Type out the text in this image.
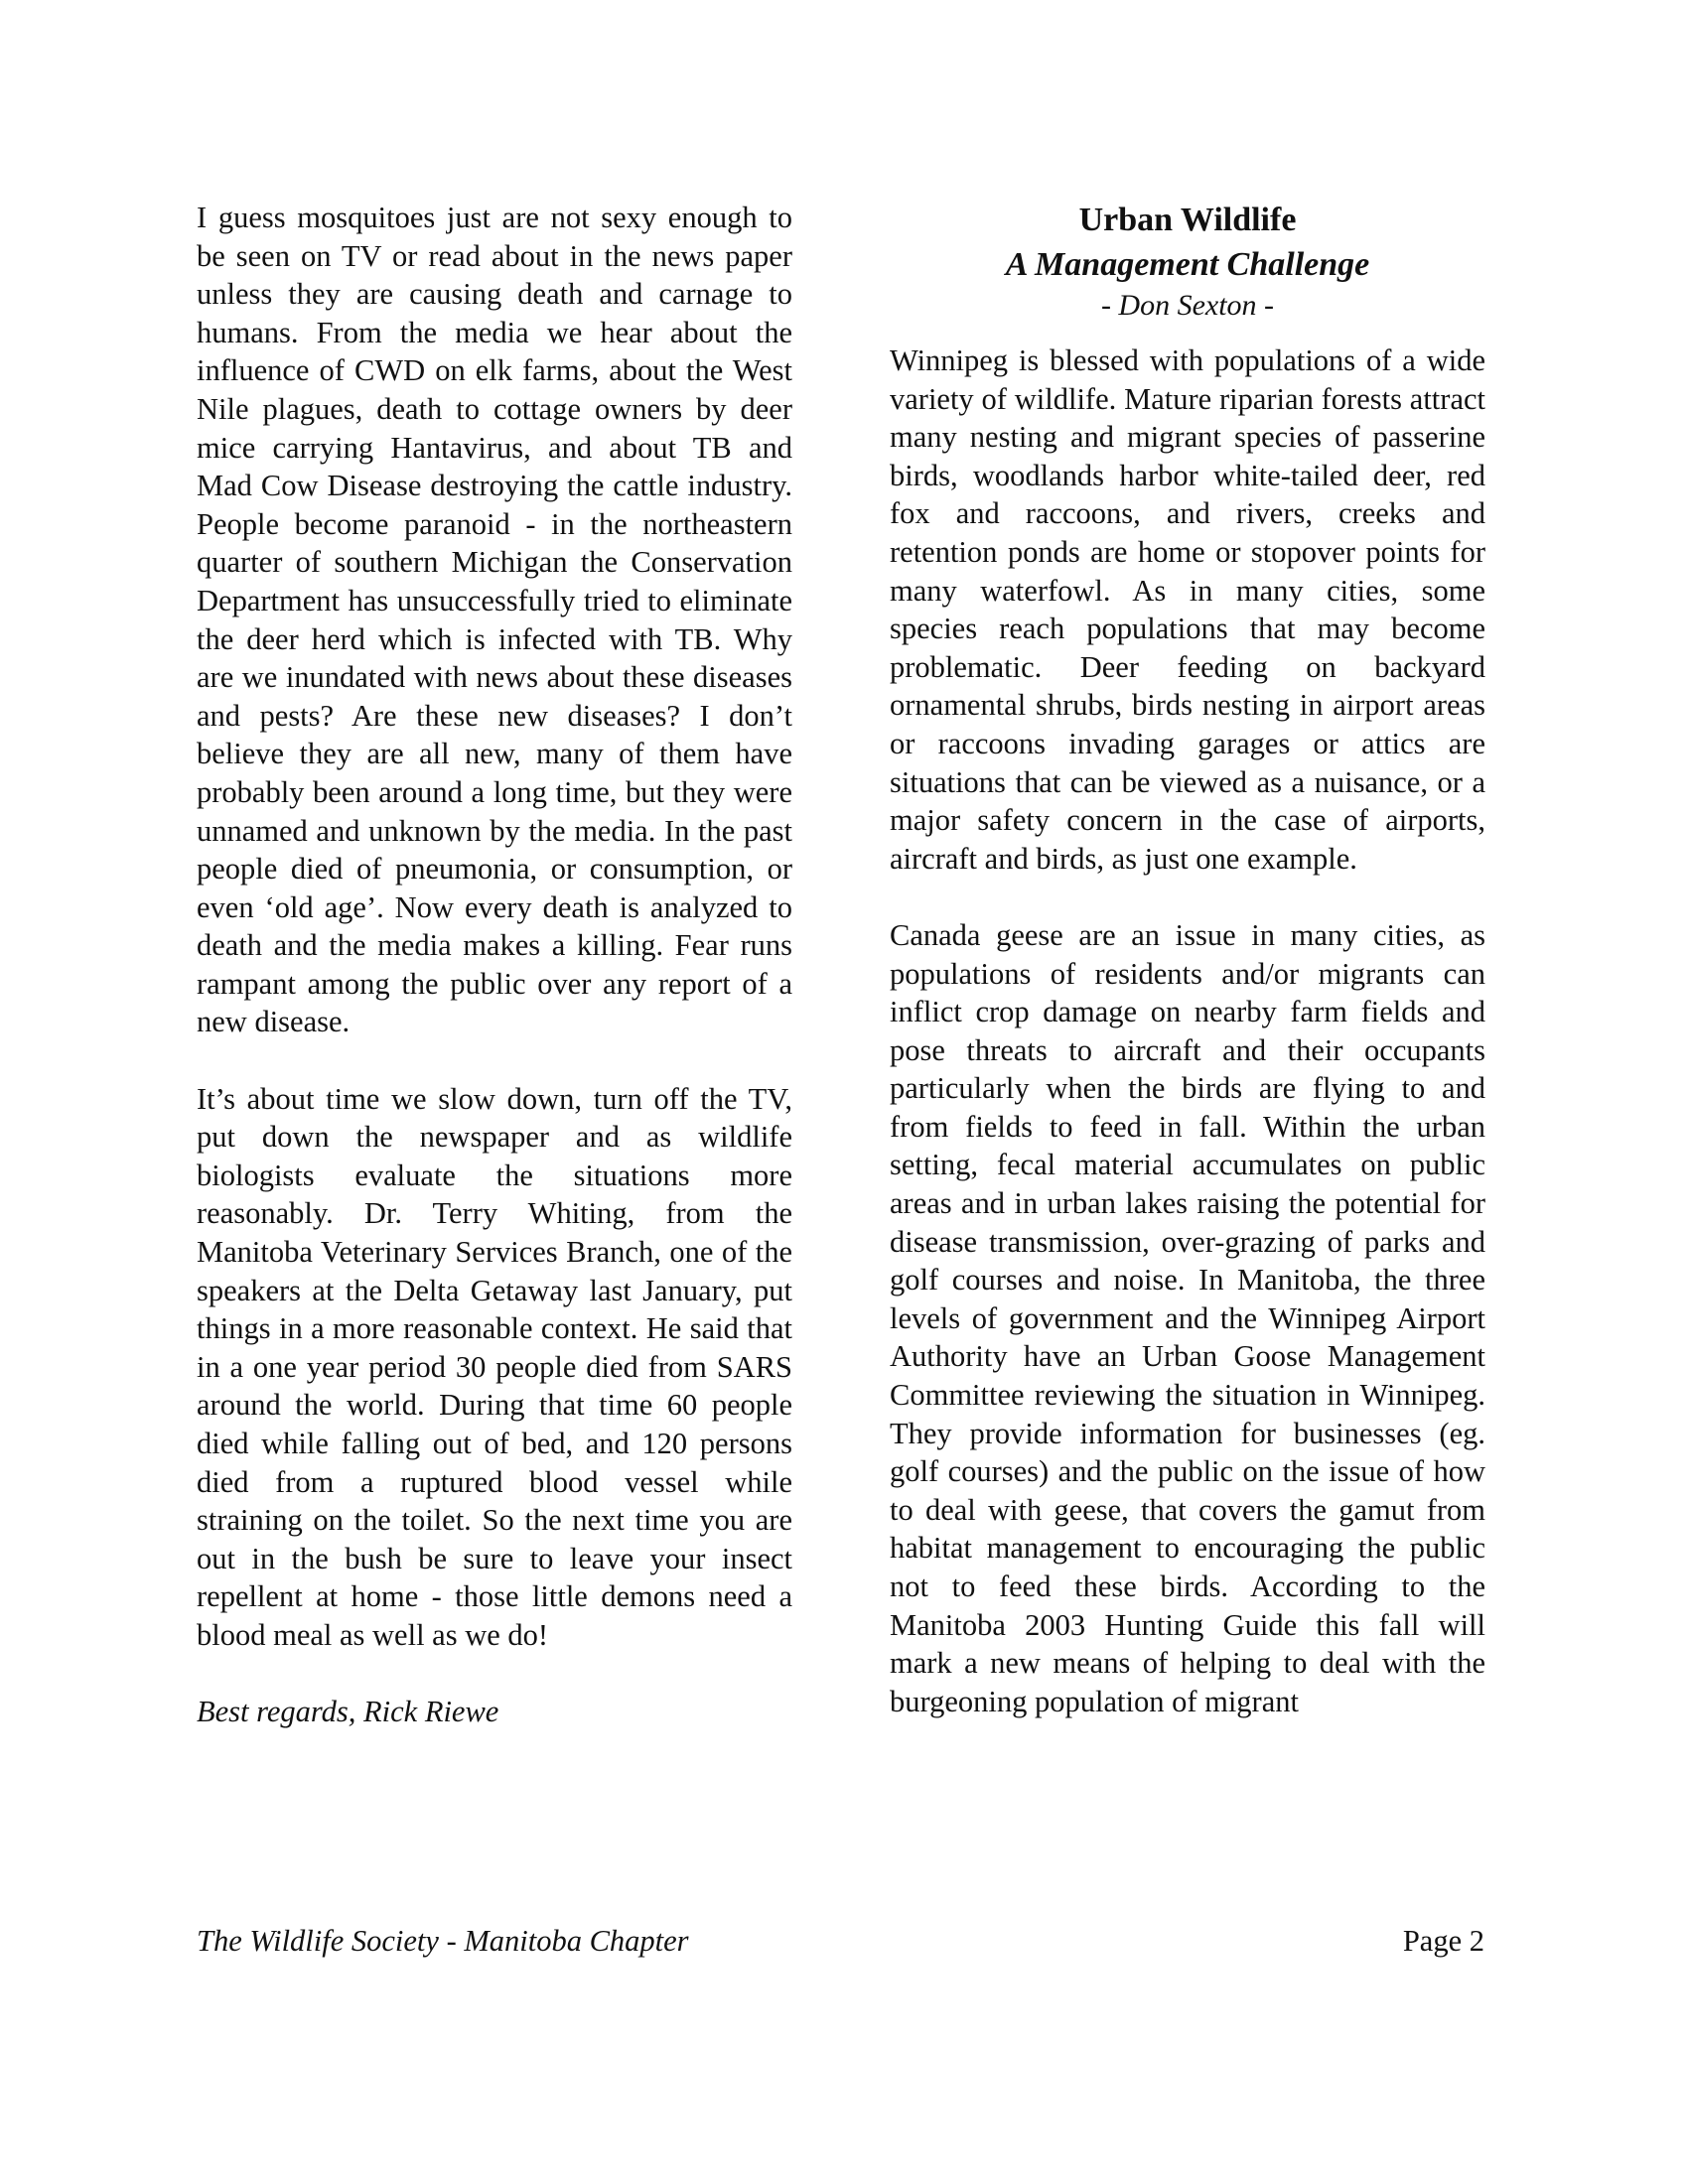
I guess mosquitoes just are not sexy enough to be seen on TV or read about in the news paper unless they are causing death and carnage to humans. From the media we hear about the influence of CWD on elk farms, about the West Nile plagues, death to cottage owners by deer mice carrying Hantavirus, and about TB and Mad Cow Disease destroying the cattle industry. People become paranoid - in the northeastern quarter of southern Michigan the Conservation Department has unsuccessfully tried to eliminate the deer herd which is infected with TB. Why are we inundated with news about these diseases and pests? Are these new diseases? I don’t believe they are all new, many of them have probably been around a long time, but they were unnamed and unknown by the media. In the past people died of pneumonia, or consumption, or even ‘old age’. Now every death is analyzed to death and the media makes a killing. Fear runs rampant among the public over any report of a new disease.

It’s about time we slow down, turn off the TV, put down the newspaper and as wildlife biologists evaluate the situations more reasonably. Dr. Terry Whiting, from the Manitoba Veterinary Services Branch, one of the speakers at the Delta Getaway last January, put things in a more reasonable context. He said that in a one year period 30 people died from SARS around the world. During that time 60 people died while falling out of bed, and 120 persons died from a ruptured blood vessel while straining on the toilet. So the next time you are out in the bush be sure to leave your insect repellent at home - those little demons need a blood meal as well as we do!

Best regards, Rick Riewe

Urban Wildlife
A Management Challenge
- Don Sexton -

Winnipeg is blessed with populations of a wide variety of wildlife. Mature riparian forests attract many nesting and migrant species of passerine birds, woodlands harbor white-tailed deer, red fox and raccoons, and rivers, creeks and retention ponds are home or stopover points for many waterfowl. As in many cities, some species reach populations that may become problematic. Deer feeding on backyard ornamental shrubs, birds nesting in airport areas or raccoons invading garages or attics are situations that can be viewed as a nuisance, or a major safety concern in the case of airports, aircraft and birds, as just one example.

Canada geese are an issue in many cities, as populations of residents and/or migrants can inflict crop damage on nearby farm fields and pose threats to aircraft and their occupants particularly when the birds are flying to and from fields to feed in fall. Within the urban setting, fecal material accumulates on public areas and in urban lakes raising the potential for disease transmission, over-grazing of parks and golf courses and noise. In Manitoba, the three levels of government and the Winnipeg Airport Authority have an Urban Goose Management Committee reviewing the situation in Winnipeg. They provide information for businesses (eg. golf courses) and the public on the issue of how to deal with geese, that covers the gamut from habitat management to encouraging the public not to feed these birds. According to the Manitoba 2003 Hunting Guide this fall will mark a new means of helping to deal with the burgeoning population of migrant

The Wildlife Society - Manitoba Chapter	Page 2
